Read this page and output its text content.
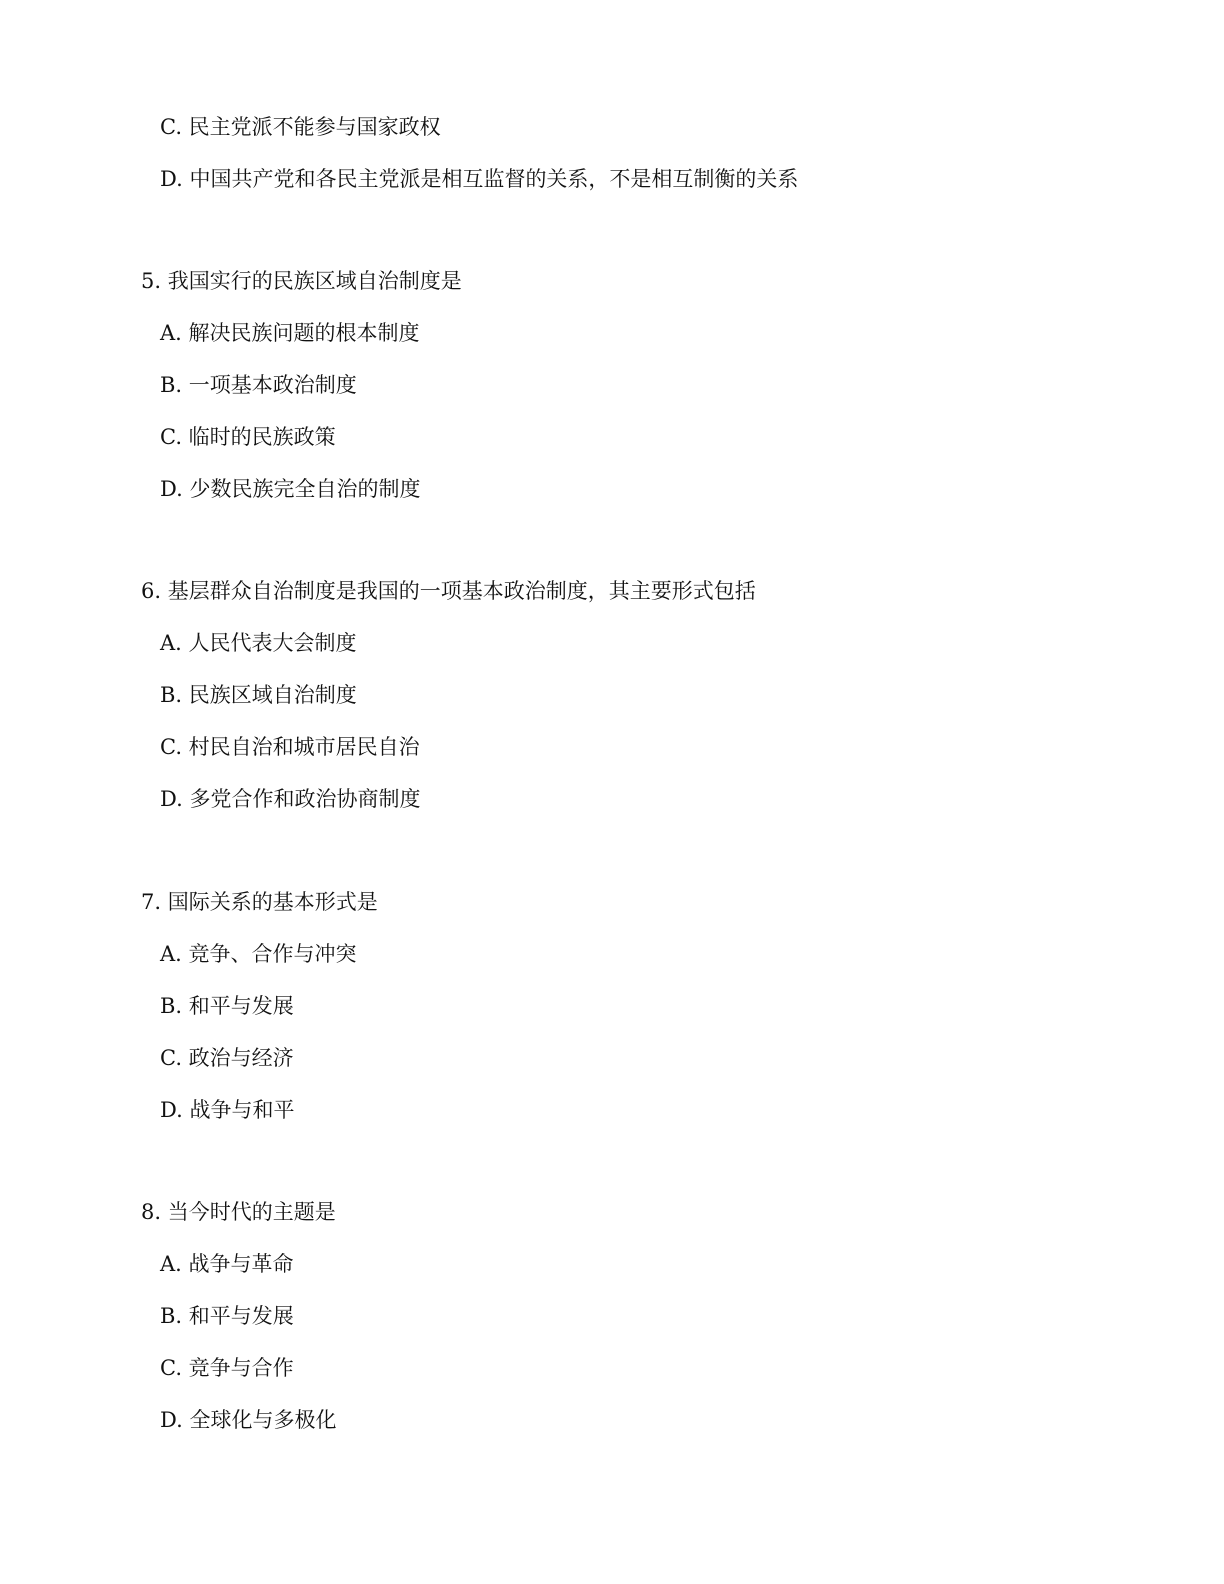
C. 民主党派不能参与国家政权
D. 中国共产党和各民主党派是相互监督的关系，不是相互制衡的关系
5. 我国实行的民族区域自治制度是
A. 解决民族问题的根本制度
B. 一项基本政治制度
C. 临时的民族政策
D. 少数民族完全自治的制度
6. 基层群众自治制度是我国的一项基本政治制度，其主要形式包括
A. 人民代表大会制度
B. 民族区域自治制度
C. 村民自治和城市居民自治
D. 多党合作和政治协商制度
7. 国际关系的基本形式是
A. 竞争、合作与冲突
B. 和平与发展
C. 政治与经济
D. 战争与和平
8. 当今时代的主题是
A. 战争与革命
B. 和平与发展
C. 竞争与合作
D. 全球化与多极化
